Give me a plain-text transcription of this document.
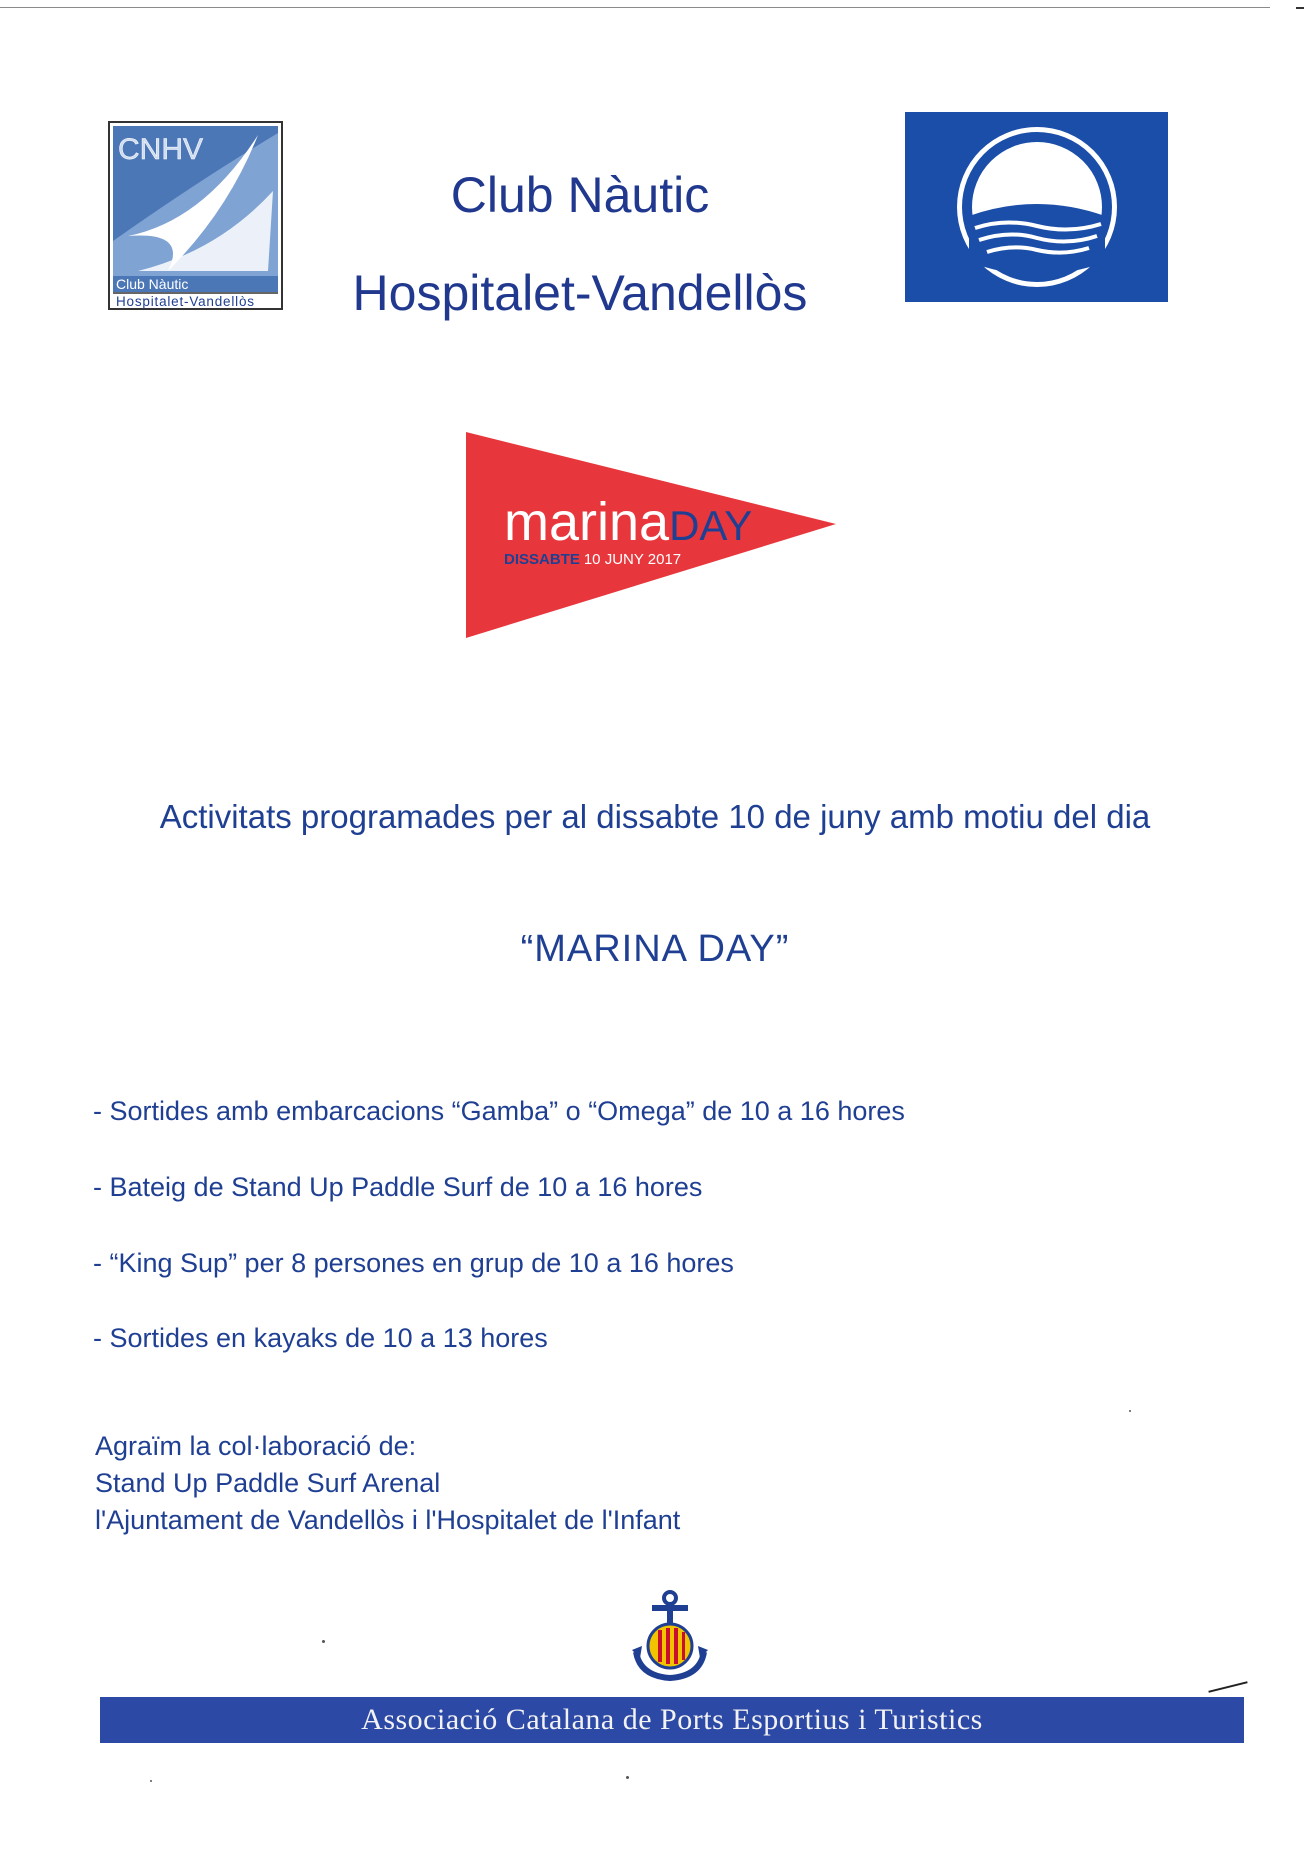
CNHV
Club Nàutic
Hospitalet-Vandellòs
Club Nàutic
Hospitalet-Vandellòs
marinaDAY
DISSABTE 10 JUNY 2017
Activitats programades per al dissabte 10 de juny amb motiu del dia
“MARINA DAY”
- Sortides amb embarcacions “Gamba” o “Omega” de 10 a 16 hores
- Bateig de Stand Up Paddle Surf de 10 a 16 hores
- “King Sup” per 8 persones en grup de 10 a 16 hores
- Sortides en kayaks de 10 a 13 hores
Agraïm la col·laboració de:
Stand Up Paddle Surf Arenal
l'Ajuntament de Vandellòs i l'Hospitalet de l'Infant
Associació Catalana de Ports Esportius i Turistics
